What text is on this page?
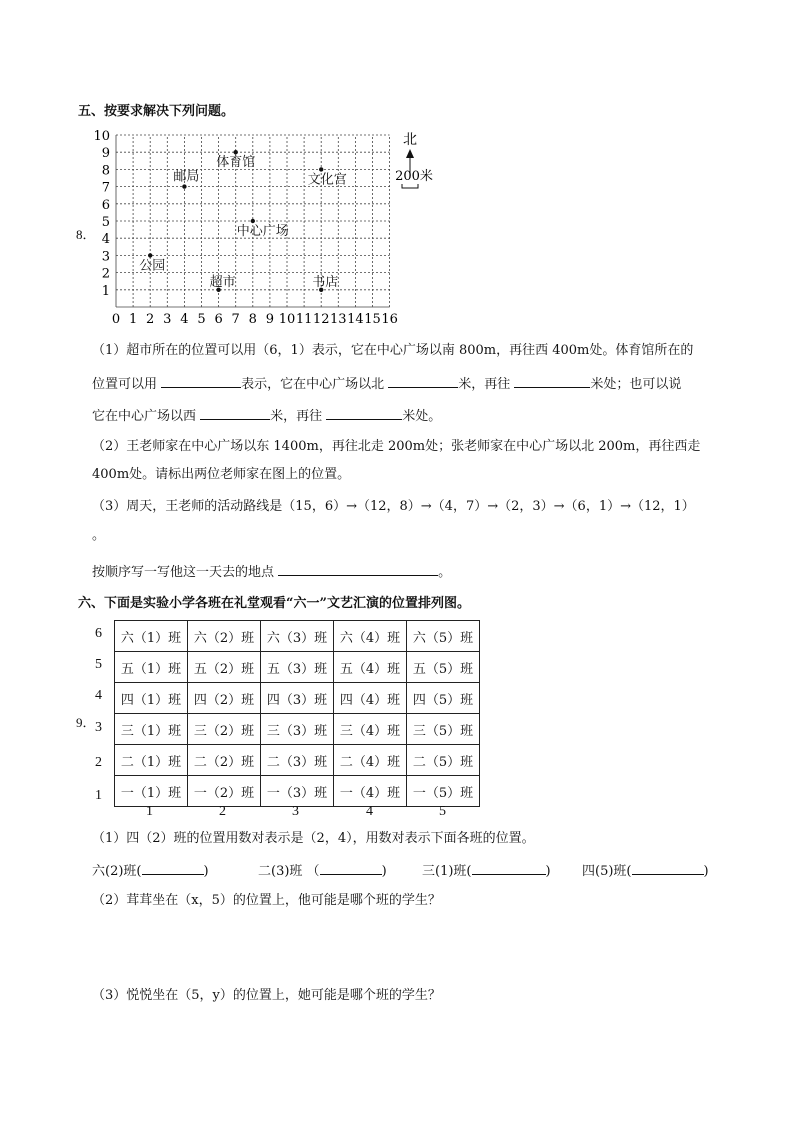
五、按要求解决下列问题。
8．
0 1 2 3 4 5 6 7 8 9 10 11 12 13 14 15 16
1
2
3
4
5
6
7
8
9
10
体育馆
文化宫
邮局
中心广场
公园
超市	书店
北
200米
（1）超市所在的位置可以用（6，1）表示，它在中心广场以南 800m，再往西 400m处。体育馆所在的
位置可以用	表示，它在中心广场以北	米，再往	米处；也可以说
它在中心广场以西	米，再往	米处。
（2）王老师家在中心广场以东 1400m，再往北走 200m处；张老师家在中心广场以北 200m，再往西走
400m处。请标出两位老师家在图上的位置。
（3）周天，王老师的活动路线是（15，6）→（12，8）→（4，7）→（2，3）→（6，1）→（12，1）
。
按顺序写一写他这一天去的地点	。
六、下面是实验小学各班在礼堂观看“六一”文艺汇演的位置排列图。
9．
6
5
4
3
2
1
六（1）班	六（2）班	六（3）班	六（4）班	六（5）班
五（1）班	五（2）班	五（3）班	五（4）班	五（5）班
四（1）班	四（2）班	四（3）班	四（4）班	四（5）班
三（1）班	三（2）班	三（3）班	三（4）班	三（5）班
二（1）班	二（2）班	二（3）班	二（4）班	二（5）班
一（1）班	一（2）班	一（3）班	一（4）班	一（5）班
1	2	3	4	5
（1）四（2）班的位置用数对表示是（2，4），用数对表示下面各班的位置。
六(2)班(	)	二(3)班 （	)	三(1)班(	) 四(5)班(	)
（2）茸茸坐在（x，5）的位置上，他可能是哪个班的学生？
（3）悦悦坐在（5，y）的位置上，她可能是哪个班的学生？
